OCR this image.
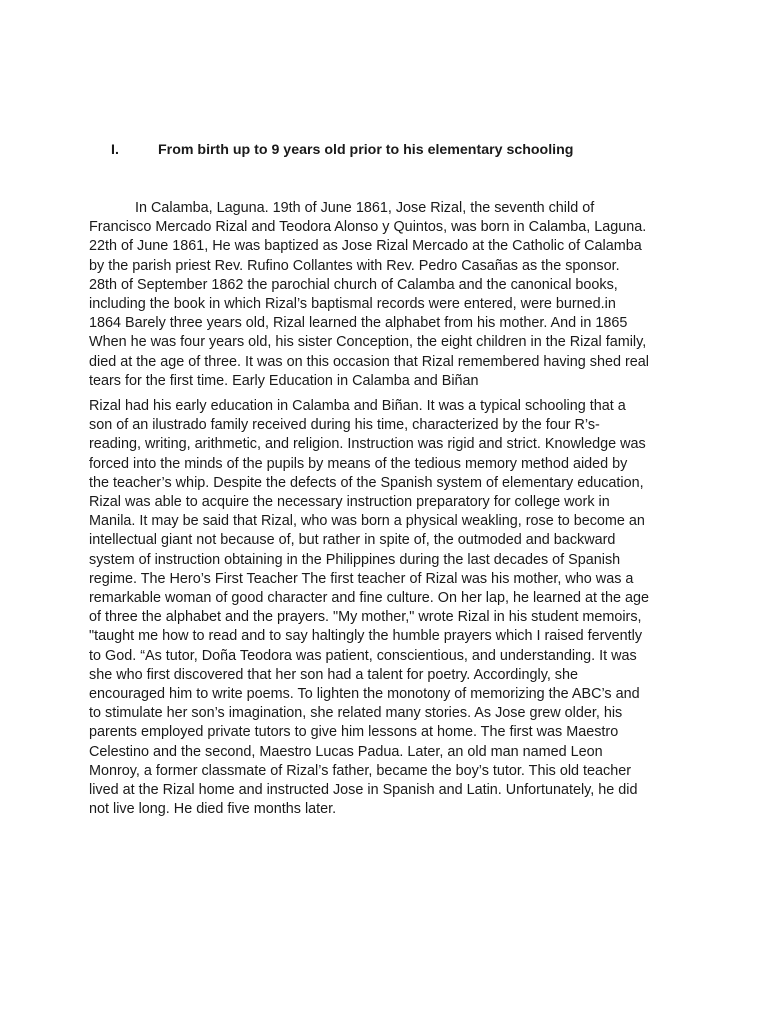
I.	From birth up to 9 years old prior to his elementary schooling

In Calamba, Laguna. 19th of June 1861, Jose Rizal, the seventh child of
Francisco Mercado Rizal and Teodora Alonso y Quintos, was born in Calamba, Laguna.
22th of June 1861, He was baptized as Jose Rizal Mercado at the Catholic of Calamba
by the parish priest Rev. Rufino Collantes with Rev. Pedro Casañas as the sponsor.
28th of September 1862 the parochial church of Calamba and the canonical books,
including the book in which Rizal’s baptismal records were entered, were burned.in
1864 Barely three years old, Rizal learned the alphabet from his mother. And in 1865
When he was four years old, his sister Conception, the eight children in the Rizal family,
died at the age of three. It was on this occasion that Rizal remembered having shed real
tears for the first time. Early Education in Calamba and Biñan

Rizal had his early education in Calamba and Biñan. It was a typical schooling that a
son of an ilustrado family received during his time, characterized by the four R’s-
reading, writing, arithmetic, and religion. Instruction was rigid and strict. Knowledge was
forced into the minds of the pupils by means of the tedious memory method aided by
the teacher’s whip. Despite the defects of the Spanish system of elementary education,
Rizal was able to acquire the necessary instruction preparatory for college work in
Manila. It may be said that Rizal, who was born a physical weakling, rose to become an
intellectual giant not because of, but rather in spite of, the outmoded and backward
system of instruction obtaining in the Philippines during the last decades of Spanish
regime. The Hero’s First Teacher The first teacher of Rizal was his mother, who was a
remarkable woman of good character and fine culture. On her lap, he learned at the age
of three the alphabet and the prayers. "My mother," wrote Rizal in his student memoirs,
"taught me how to read and to say haltingly the humble prayers which I raised fervently
to God. “As tutor, Doña Teodora was patient, conscientious, and understanding. It was
she who first discovered that her son had a talent for poetry. Accordingly, she
encouraged him to write poems. To lighten the monotony of memorizing the ABC’s and
to stimulate her son’s imagination, she related many stories. As Jose grew older, his
parents employed private tutors to give him lessons at home. The first was Maestro
Celestino and the second, Maestro Lucas Padua. Later, an old man named Leon
Monroy, a former classmate of Rizal’s father, became the boy’s tutor. This old teacher
lived at the Rizal home and instructed Jose in Spanish and Latin. Unfortunately, he did
not live long. He died five months later.
